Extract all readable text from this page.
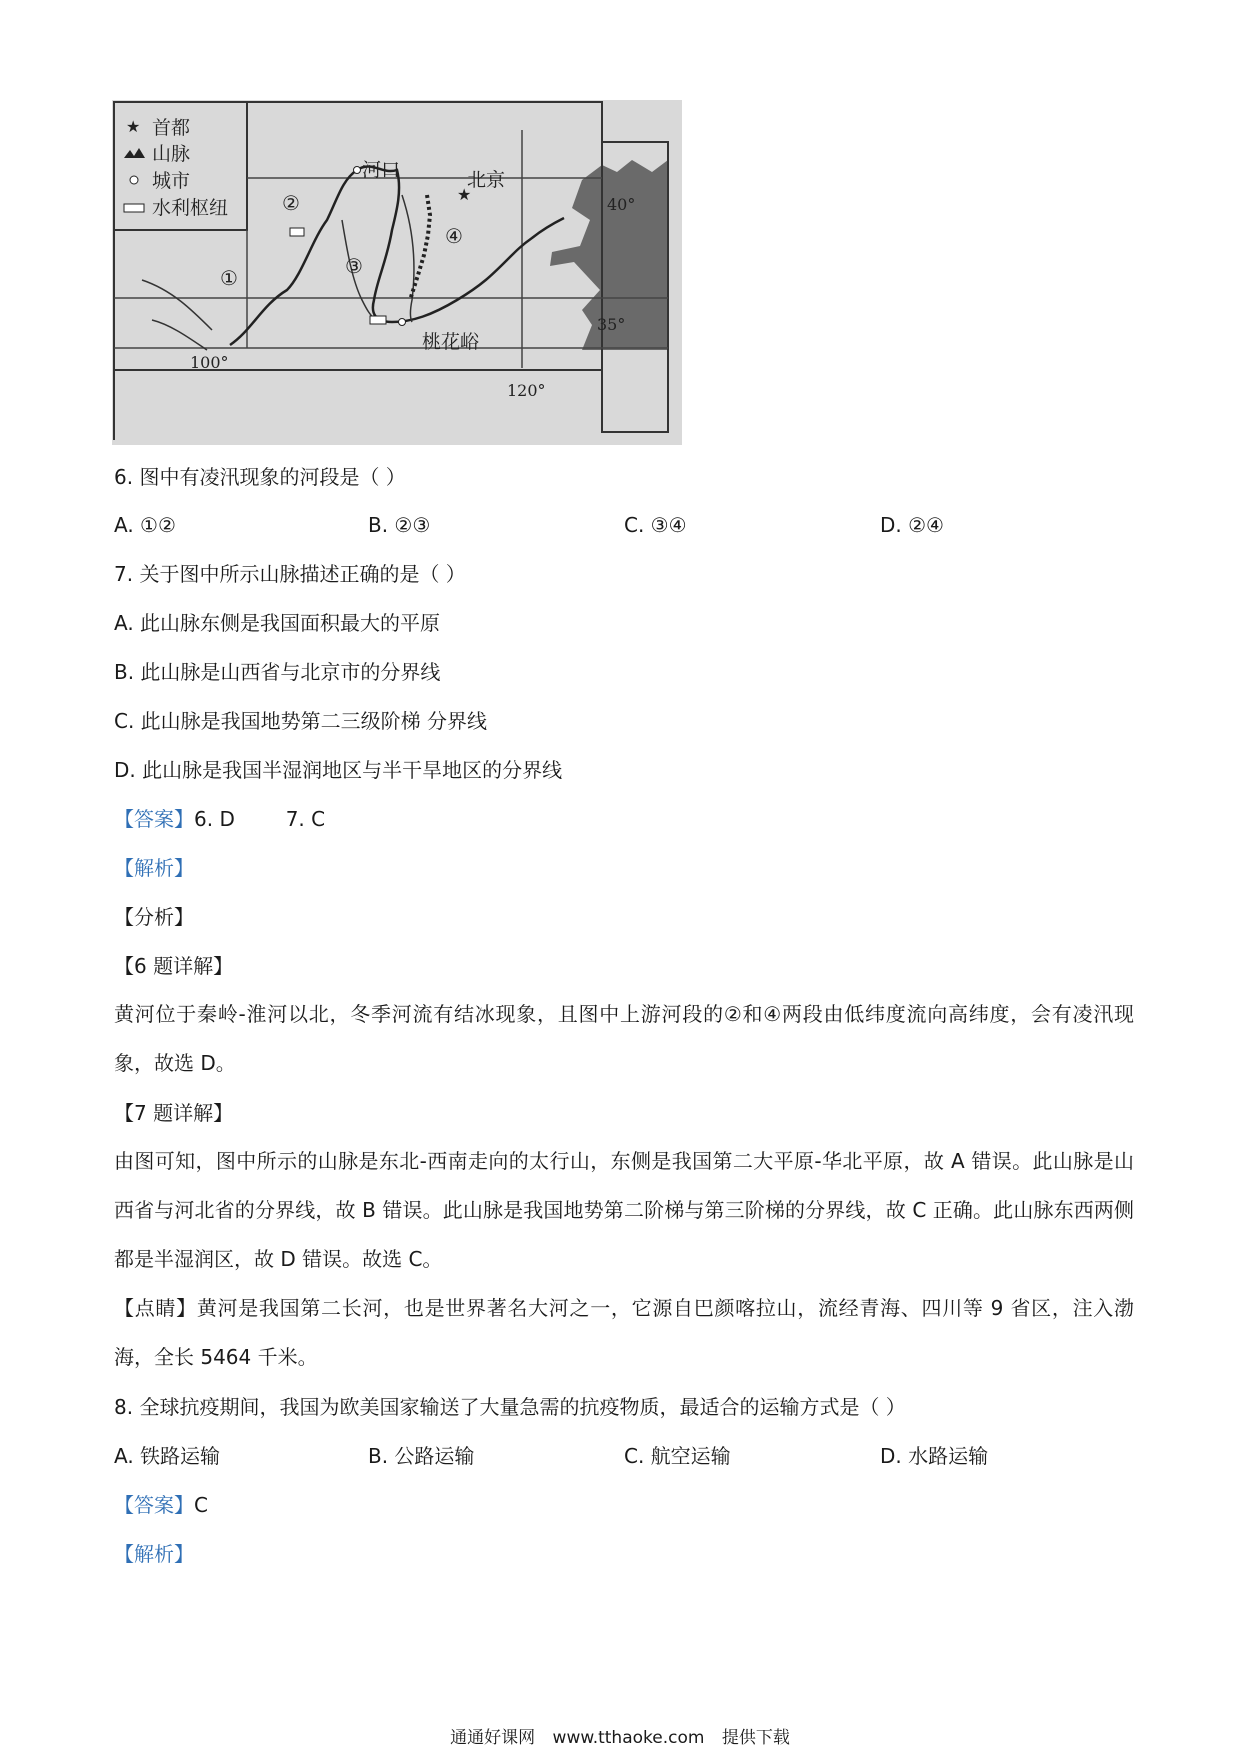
★
②
①	③
④
河口	北京
桃花峪
40°
35°
100°
120°
★ 首都
山脉
城市
水利枢纽
6. 图中有凌汛现象的河段是（ ）
A. ①②	B. ②③	C. ③④	D. ②④
7. 关于图中所示山脉描述正确的是（ ）
A. 此山脉东侧是我国面积最大的平原
B. 此山脉是山西省与北京市的分界线
C. 此山脉是我国地势第二三级阶梯 分界线
D. 此山脉是我国半湿润地区与半干旱地区的分界线
【答案】6. D        7. C
【解析】
【分析】
【6 题详解】
黄河位于秦岭-淮河以北，冬季河流有结冰现象，且图中上游河段的②和④两段由低纬度流向高纬度，会有凌汛现象，故选 D。
【7 题详解】
由图可知，图中所示的山脉是东北-西南走向的太行山，东侧是我国第二大平原-华北平原，故 A 错误。此山脉是山西省与河北省的分界线，故 B 错误。此山脉是我国地势第二阶梯与第三阶梯的分界线，故 C 正确。此山脉东西两侧都是半湿润区，故 D 错误。故选 C。
【点睛】黄河是我国第二长河，也是世界著名大河之一，它源自巴颜喀拉山，流经青海、四川等 9 省区，注入渤海，全长 5464 千米。
8. 全球抗疫期间，我国为欧美国家输送了大量急需的抗疫物质，最适合的运输方式是（ ）
A. 铁路运输	B. 公路运输	C. 航空运输	D. 水路运输
【答案】C
【解析】
通通好课网 www.tthaoke.com 提供下载
